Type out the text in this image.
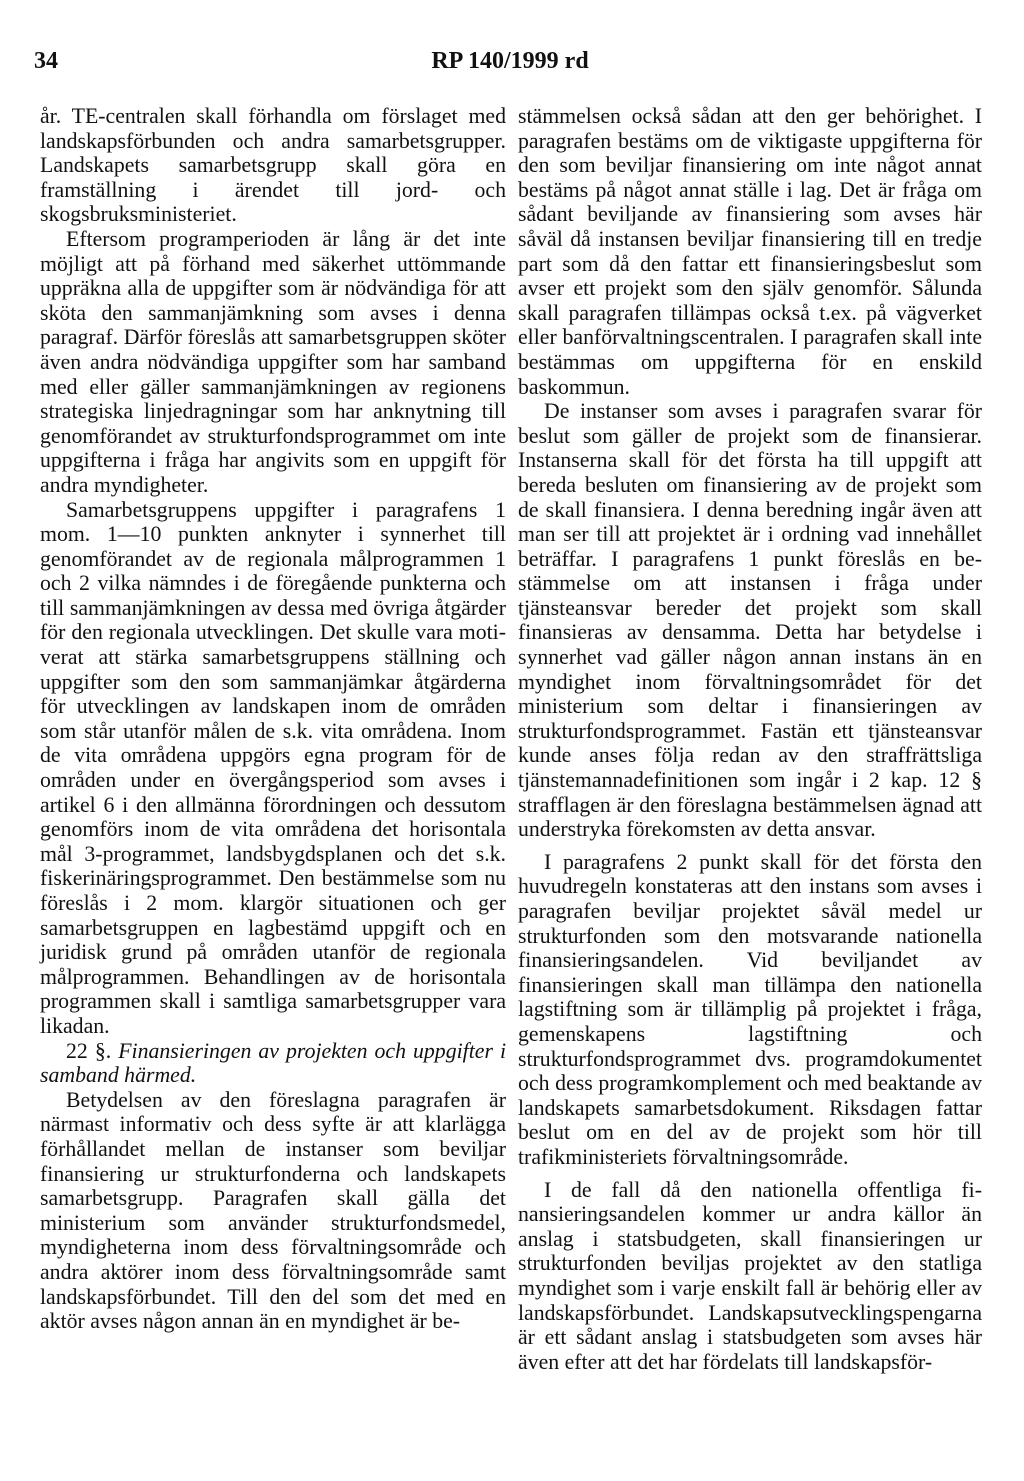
34	RP 140/1999 rd

år. TE-centralen skall förhandla om förslaget med landskapsförbunden och andra samarbetsgrupper. Landskapets samarbetsgrupp skall göra en framställning i ärendet till jord- och skogsbruksministeriet.

Eftersom programperioden är lång är det inte möjligt att på förhand med säkerhet uttömmande uppräkna alla de uppgifter som är nödvändiga för att sköta den sammanjämkning som avses i denna paragraf. Därför föreslås att samarbetsgruppen sköter även andra nödvändiga uppgifter som har samband med eller gäller sammanjämkningen av regionens strategiska linjedragningar som har anknytning till genomförandet av strukturfondsprogrammet om inte uppgifterna i fråga har angivits som en uppgift för andra myndigheter.

Samarbetsgruppens uppgifter i paragrafens 1 mom. 1—10 punkten anknyter i synnerhet till genomförandet av de regionala målprogrammen 1 och 2 vilka nämndes i de föregående punkterna och till sammanjämkningen av dessa med övriga åtgärder för den regionala utvecklingen. Det skulle vara motiverat att stärka samarbetsgruppens ställning och uppgifter som den som sammanjämkar åtgärderna för utvecklingen av landskapen inom de områden som står utanför målen de s.k. vita områdena. Inom de vita områdena uppgörs egna program för de områden under en övergångsperiod som avses i artikel 6 i den allmänna förordningen och dessutom genomförs inom de vita områdena det horisontala mål 3-programmet, landsbygdsplanen och det s.k. fiskerinäringsprogrammet. Den bestämmelse som nu föreslås i 2 mom. klargör situationen och ger samarbetsgruppen en lagbestämd uppgift och en juridisk grund på områden utanför de regionala målprogrammen. Behandlingen av de horisontala programmen skall i samtliga samarbetsgrupper vara likadan.

22 §. Finansieringen av projekten och uppgifter i samband härmed.

Betydelsen av den föreslagna paragrafen är närmast informativ och dess syfte är att klarlägga förhållandet mellan de instanser som beviljar finansiering ur strukturfonderna och landskapets samarbetsgrupp. Paragrafen skall gälla det ministerium som använder strukturfondsmedel, myndigheterna inom dess förvaltningsområde och andra aktörer inom dess förvaltningsområde samt landskapsförbundet. Till den del som det med en aktör avses någon annan än en myndighet är be-

stämmelsen också sådan att den ger behörighet. I paragrafen bestäms om de viktigaste uppgifterna för den som beviljar finansiering om inte något annat bestäms på något annat ställe i lag. Det är fråga om sådant beviljande av finansiering som avses här såväl då instansen beviljar finansiering till en tredje part som då den fattar ett finansieringsbeslut som avser ett projekt som den själv genomför. Sålunda skall paragrafen tillämpas också t.ex. på vägverket eller banförvaltningscentralen. I paragrafen skall inte bestämmas om uppgifterna för en enskild baskommun.

De instanser som avses i paragrafen svarar för beslut som gäller de projekt som de finansierar. Instanserna skall för det första ha till uppgift att bereda besluten om finansiering av de projekt som de skall finansiera. I denna beredning ingår även att man ser till att projektet är i ordning vad innehållet beträffar. I paragrafens 1 punkt föreslås en bestämmelse om att instansen i fråga under tjänsteansvar bereder det projekt som skall finansieras av densamma. Detta har betydelse i synnerhet vad gäller någon annan instans än en myndighet inom förvaltningsområdet för det ministerium som deltar i finansieringen av strukturfondsprogrammet. Fastän ett tjänsteansvar kunde anses följa redan av den straffrättsliga tjänstemannadefinitionen som ingår i 2 kap. 12 § strafflagen är den föreslagna bestämmelsen ägnad att understryka förekomsten av detta ansvar.

I paragrafens 2 punkt skall för det första den huvudregeln konstateras att den instans som avses i paragrafen beviljar projektet såväl medel ur strukturfonden som den motsvarande nationella finansieringsandelen. Vid beviljandet av finansieringen skall man tillämpa den nationella lagstiftning som är tillämplig på projektet i fråga, gemenskapens lagstiftning och strukturfondsprogrammet dvs. programdokumentet och dess programkomplement och med beaktande av landskapets samarbetsdokument. Riksdagen fattar beslut om en del av de projekt som hör till trafikministeriets förvaltningsområde.

I de fall då den nationella offentliga finansieringsandelen kommer ur andra källor än anslag i statsbudgeten, skall finansieringen ur strukturfonden beviljas projektet av den statliga myndighet som i varje enskilt fall är behörig eller av landskapsförbundet. Landskapsutvecklingspengarna är ett sådant anslag i statsbudgeten som avses här även efter att det har fördelats till landskapsför-
